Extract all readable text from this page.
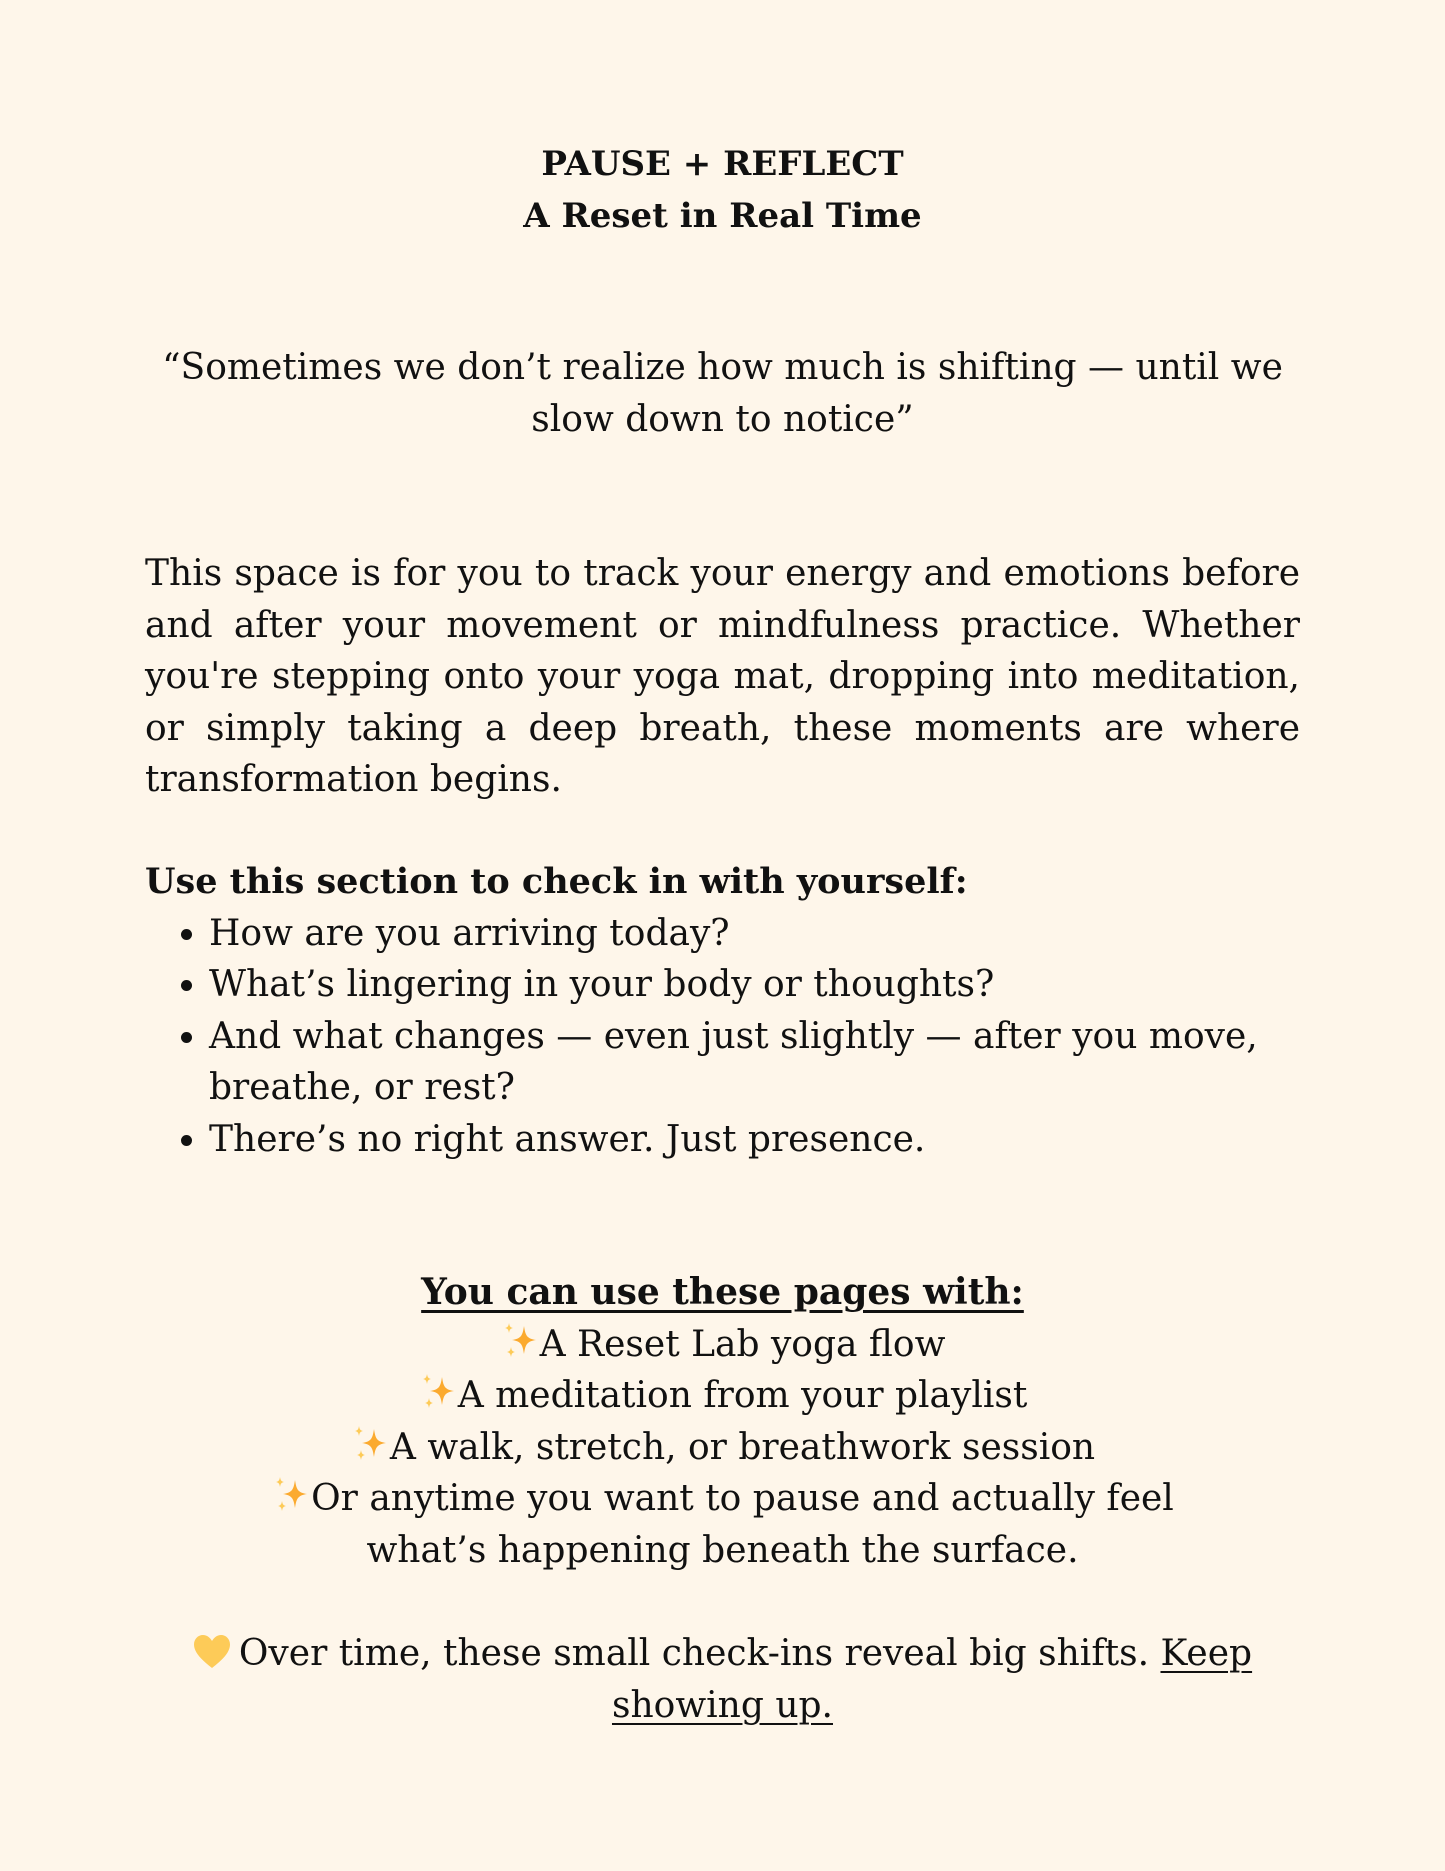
PAUSE + REFLECT
A Reset in Real Time
“Sometimes we don’t realize how much is shifting — until we slow down to notice”

This space is for you to track your energy and emotions before and after your movement or mindfulness practice. Whether you're stepping onto your yoga mat, dropping into meditation, or simply taking a deep breath, these moments are where transformation begins.

Use this section to check in with yourself:
• How are you arriving today?
• What’s lingering in your body or thoughts?
• And what changes — even just slightly — after you move, breathe, or rest?
• There’s no right answer. Just presence.
You can use these pages with:
A Reset Lab yoga flow
A meditation from your playlist
A walk, stretch, or breathwork session
Or anytime you want to pause and actually feel what’s happening beneath the surface.
Over time, these small check-ins reveal big shifts. Keep showing up.
